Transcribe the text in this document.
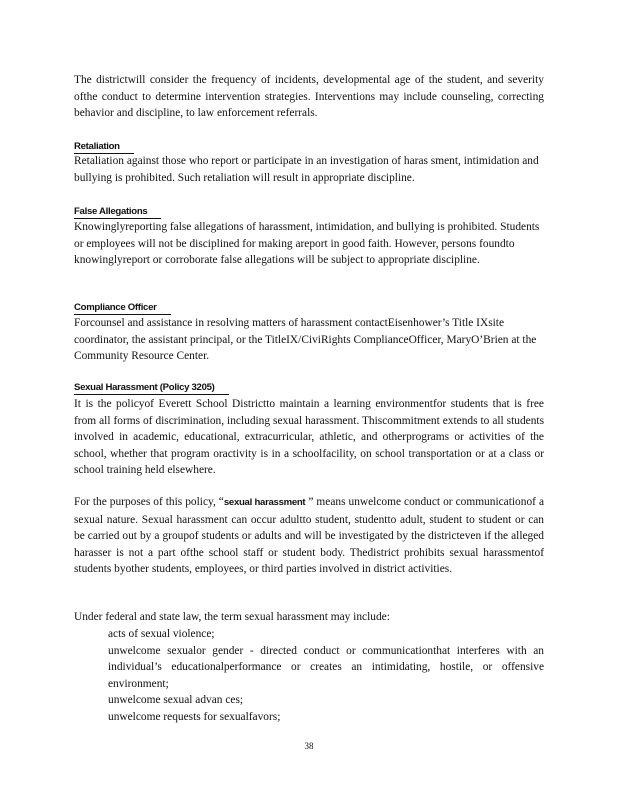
The districtwill consider the frequency of incidents, developmental age of the student, and severity ofthe conduct to determine intervention strategies. Interventions may include counseling, correcting behavior and discipline, to law enforcement referrals.

Retaliation

Retaliation against those who report or participate in an investigation of haras sment, intimidation and bullying is prohibited. Such retaliation will result in appropriate discipline.

False Allegations

Knowinglyreporting false allegations of harassment, intimidation, and bullying is prohibited. Students or employees will not be disciplined for making areport in good faith. However, persons foundto knowinglyreport or corroborate false allegations will be subject to appropriate discipline.

Compliance Officer

Forcounsel and assistance in resolving matters of harassment contactEisenhower’s Title IXsite coordinator, the assistant principal, or the TitleIX/CiviRights ComplianceOfficer, MaryO’Brien at the Community Resource Center.

Sexual Harassment (Policy 3205)

It is the policyof Everett School Districtto maintain a learning environmentfor students that is free from all forms of discrimination, including sexual harassment. Thiscommitment extends to all students involved in academic, educational, extracurricular, athletic, and otherprograms or activities of the school, whether that program oractivity is in a schoolfacility, on school transportation or at a class or school training held elsewhere.

For the purposes of this policy, “sexual harassment ” means unwelcome conduct or communicationof a sexual nature. Sexual harassment can occur adultto student, studentto adult, student to student or can be carried out by a groupof students or adults and will be investigated by the districteven if the alleged harasser is not a part ofthe school staff or student body. Thedistrict prohibits sexual harassmentof students byother students, employees, or third parties involved in district activities.

Under federal and state law, the term sexual harassment may include:

acts of sexual violence;
unwelcome sexualor gender - directed conduct or communicationthat interferes with an individual’s educationalperformance or creates an intimidating, hostile, or offensive environment;
unwelcome sexual advan ces;
unwelcome requests for sexualfavors;
38
